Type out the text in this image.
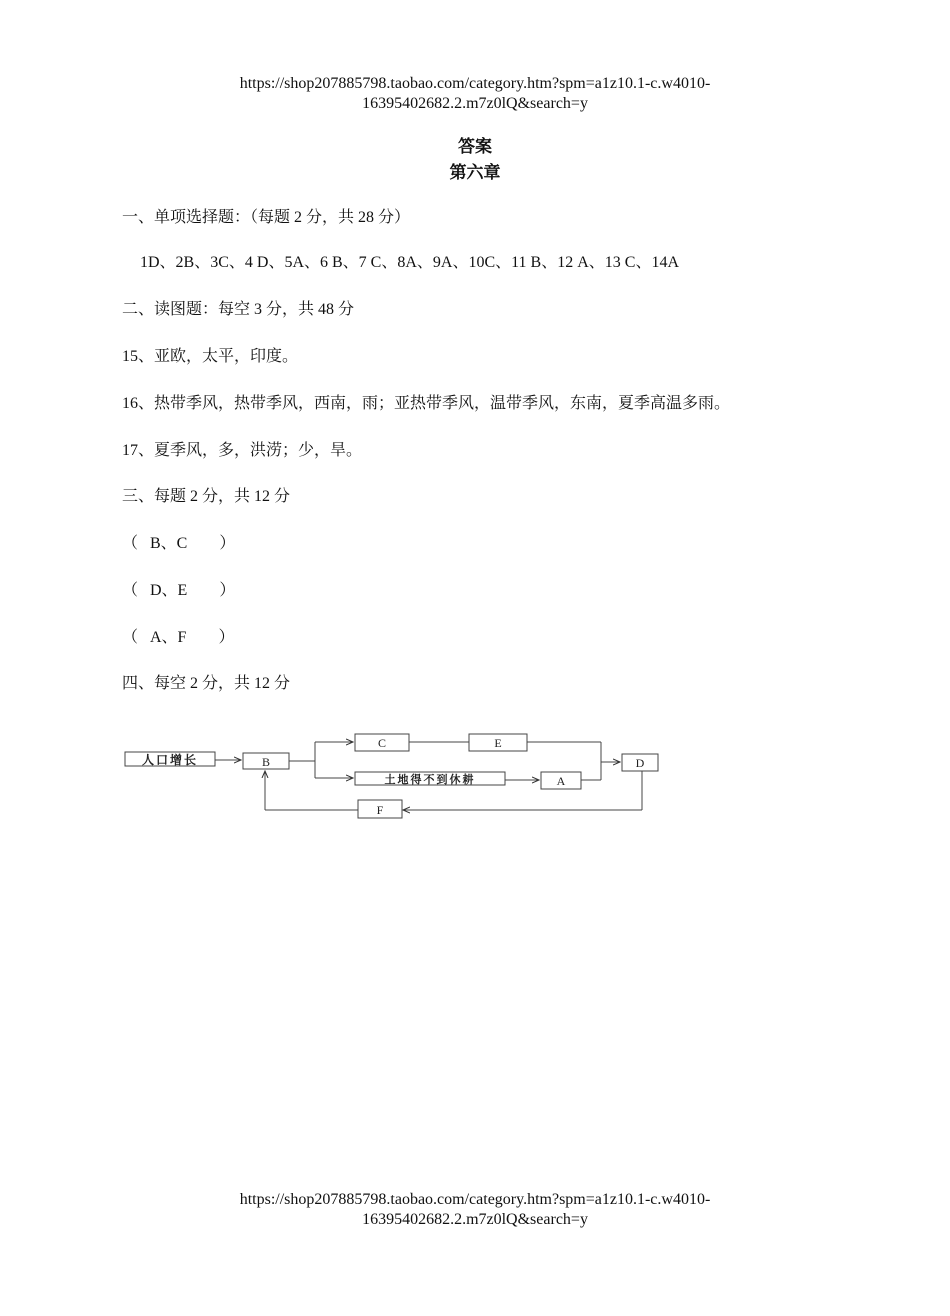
https://shop207885798.taobao.com/category.htm?spm=a1z10.1-c.w4010-
16395402682.2.m7z0lQ&search=y
答案
第六章
一、单项选择题：（每题 2 分，共 28 分）
1D、2B、3C、4 D、5A、6 B、7 C、8A、9A、10C、11 B、12 A、13 C、14A
二、读图题：每空 3 分，共 48 分
15、亚欧，太平，印度。
16、热带季风，热带季风，西南，雨；亚热带季风，温带季风，东南，夏季高温多雨。
17、夏季风，多，洪涝；少，旱。
三、每题 2 分，共 12 分
（   B、C        ）
（   D、E        ）
（   A、F        ）
四、每空 2 分，共 12 分
人口增长	B
C	E
土地得不到休耕	A
D
F
https://shop207885798.taobao.com/category.htm?spm=a1z10.1-c.w4010-
16395402682.2.m7z0lQ&search=y
